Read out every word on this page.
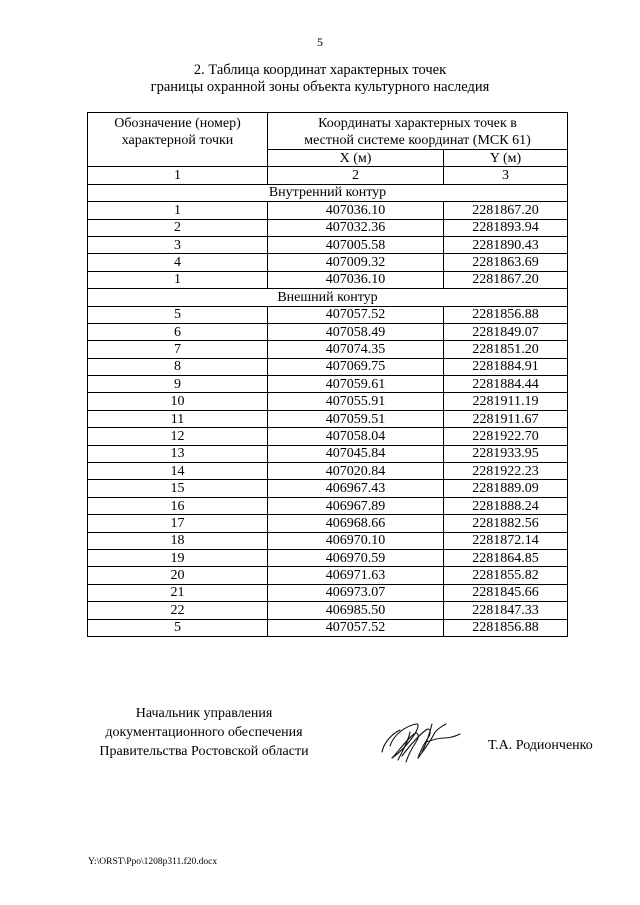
5
2. Таблица координат характерных точек
границы охранной зоны объекта культурного наследия
Обозначение (номер) характерной точки	Координаты характерных точек в местной системе координат (МСК 61)	
	X (м)	Y (м)
1	2	3
Внутренний контур		
1	407036.10	2281867.20
2	407032.36	2281893.94
3	407005.58	2281890.43
4	407009.32	2281863.69
1	407036.10	2281867.20
Внешний контур		
5	407057.52	2281856.88
6	407058.49	2281849.07
7	407074.35	2281851.20
8	407069.75	2281884.91
9	407059.61	2281884.44
10	407055.91	2281911.19
11	407059.51	2281911.67
12	407058.04	2281922.70
13	407045.84	2281933.95
14	407020.84	2281922.23
15	406967.43	2281889.09
16	406967.89	2281888.24
17	406968.66	2281882.56
18	406970.10	2281872.14
19	406970.59	2281864.85
20	406971.63	2281855.82
21	406973.07	2281845.66
22	406985.50	2281847.33
5	407057.52	2281856.88
Начальник управления
документационного обеспечения
Правительства Ростовской области	Т.А. Родионченко
Y:\ORST\Ppo\1208p311.f20.docx
